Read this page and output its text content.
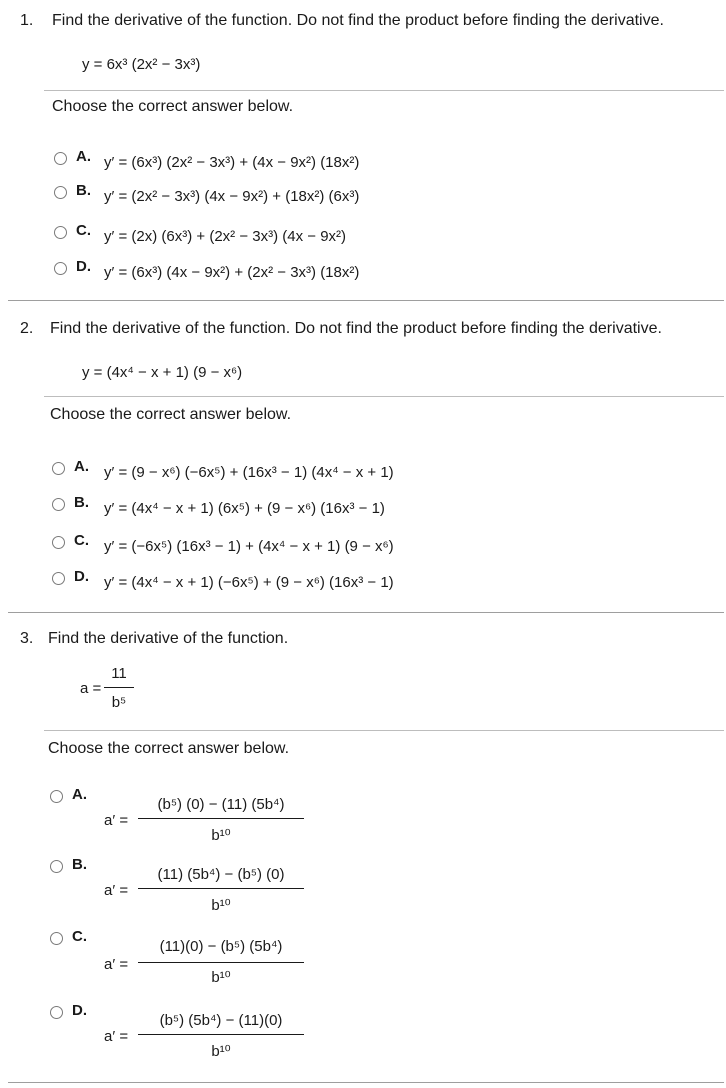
1. Find the derivative of the function. Do not find the product before finding the derivative.
y = 6x³ (2x² − 3x³)
Choose the correct answer below.
A. y′ = (6x³) (2x² − 3x³) + (4x − 9x²) (18x²)
B. y′ = (2x² − 3x³) (4x − 9x²) + (18x²) (6x³)
C. y′ = (2x) (6x³) + (2x² − 3x³) (4x − 9x²)
D. y′ = (6x³) (4x − 9x²) + (2x² − 3x³) (18x²)
2. Find the derivative of the function. Do not find the product before finding the derivative.
y = (4x⁴ − x + 1) (9 − x⁶)
Choose the correct answer below.
A. y′ = (9 − x⁶) (−6x⁵) + (16x³ − 1) (4x⁴ − x + 1)
B. y′ = (4x⁴ − x + 1) (6x⁵) + (9 − x⁶) (16x³ − 1)
C. y′ = (−6x⁵) (16x³ − 1) + (4x⁴ − x + 1) (9 − x⁶)
D. y′ = (4x⁴ − x + 1) (−6x⁵) + (9 − x⁶) (16x³ − 1)
3. Find the derivative of the function.
a =
11
b⁵
Choose the correct answer below.
A.
a′ =
(b⁵) (0) − (11) (5b⁴)
b¹⁰
B.
a′ =
(11) (5b⁴) − (b⁵) (0)
b¹⁰
C.
a′ =
(11)(0) − (b⁵) (5b⁴)
b¹⁰
D.
a′ =
(b⁵) (5b⁴) − (11)(0)
b¹⁰
